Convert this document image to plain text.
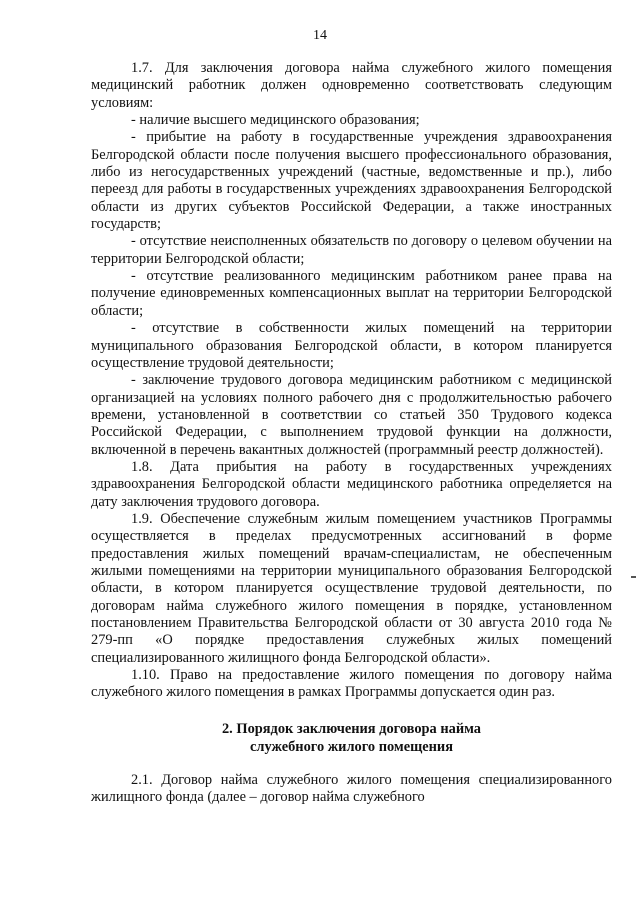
14

1.7. Для заключения договора найма служебного жилого помещения медицинский работник должен одновременно соответствовать следующим условиям:

- наличие высшего медицинского образования;

- прибытие на работу в государственные учреждения здравоохранения Белгородской области после получения высшего профессионального образования, либо из негосударственных учреждений (частные, ведомственные и пр.), либо переезд для работы в государственных учреждениях здравоохранения Белгородской области из других субъектов Российской Федерации, а также иностранных государств;

- отсутствие неисполненных обязательств по договору о целевом обучении на территории Белгородской области;

- отсутствие реализованного медицинским работником ранее права на получение единовременных компенсационных выплат на территории Белгородской области;

- отсутствие в собственности жилых помещений на территории муниципального образования Белгородской области, в котором планируется осуществление трудовой деятельности;

- заключение трудового договора медицинским работником с медицинской организацией на условиях полного рабочего дня с продолжительностью рабочего времени, установленной в соответствии со статьей 350 Трудового кодекса Российской Федерации, с выполнением трудовой функции на должности, включенной в перечень вакантных должностей (программный реестр должностей).

1.8. Дата прибытия на работу в государственных учреждениях здравоохранения Белгородской области медицинского работника определяется на дату заключения трудового договора.

1.9. Обеспечение служебным жилым помещением участников Программы осуществляется в пределах предусмотренных ассигнований в форме предоставления жилых помещений врачам-специалистам, не обеспеченным жилыми помещениями на территории муниципального образования Белгородской области, в котором планируется осуществление трудовой деятельности, по договорам найма служебного жилого помещения в порядке, установленном постановлением Правительства Белгородской области от 30 августа 2010 года № 279-пп «О порядке предоставления служебных жилых помещений специализированного жилищного фонда Белгородской области».

1.10. Право на предоставление жилого помещения по договору найма служебного жилого помещения в рамках Программы допускается один раз.

2. Порядок заключения договора найма
служебного жилого помещения

2.1. Договор найма служебного жилого помещения специализированного жилищного фонда (далее – договор найма служебного
